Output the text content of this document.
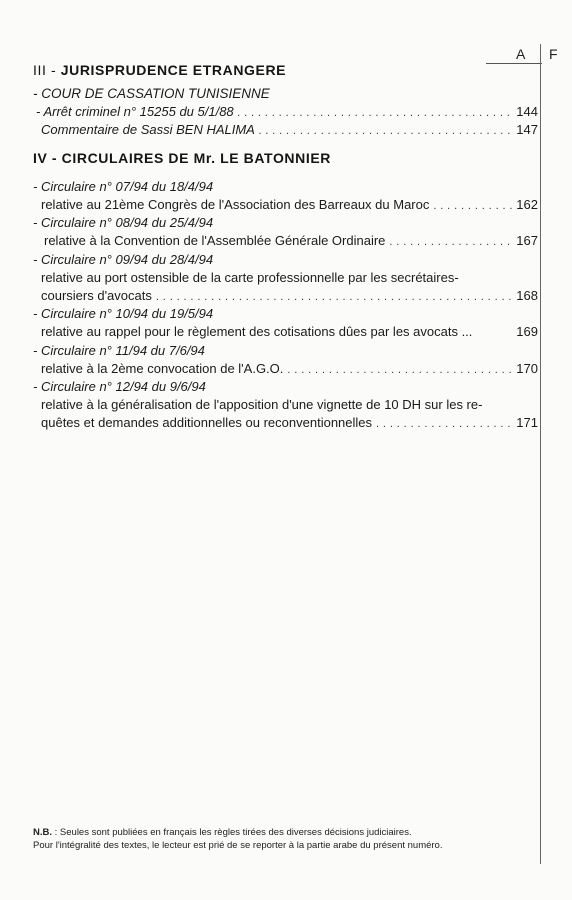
A F
III - JURISPRUDENCE ETRANGERE
- COUR DE CASSATION TUNISIENNE
- Arrêt criminel n° 15255 du 5/1/88 . . .	144
Commentaire de Sassi BEN HALIMA . . .	147
IV - CIRCULAIRES DE Mr. LE BATONNIER
- Circulaire n° 07/94 du 18/4/94
relative au 21ème Congrès de l'Association des Barreaux du Maroc . . .	162
- Circulaire n° 08/94 du 25/4/94
relative à la Convention de l'Assemblée Générale Ordinaire . . .	167
- Circulaire n° 09/94 du 28/4/94
relative au port ostensible de la carte professionnelle par les secrétaires-
coursiers d'avocats . . .	168
- Circulaire n° 10/94 du 19/5/94
relative au rappel pour le règlement des cotisations dûes par les avocats ...	169
- Circulaire n° 11/94 du 7/6/94
relative à la 2ème convocation de l'A.G.O. . . .	170
- Circulaire n° 12/94 du 9/6/94
relative à la généralisation de l'apposition d'une vignette de 10 DH sur les re-
quêtes et demandes additionnelles ou reconventionnelles . . .	171
N.B. : Seules sont publiées en français les règles tirées des diverses décisions judiciaires.
Pour l'intégralité des textes, le lecteur est prié de se reporter à la partie arabe du présent numéro.
